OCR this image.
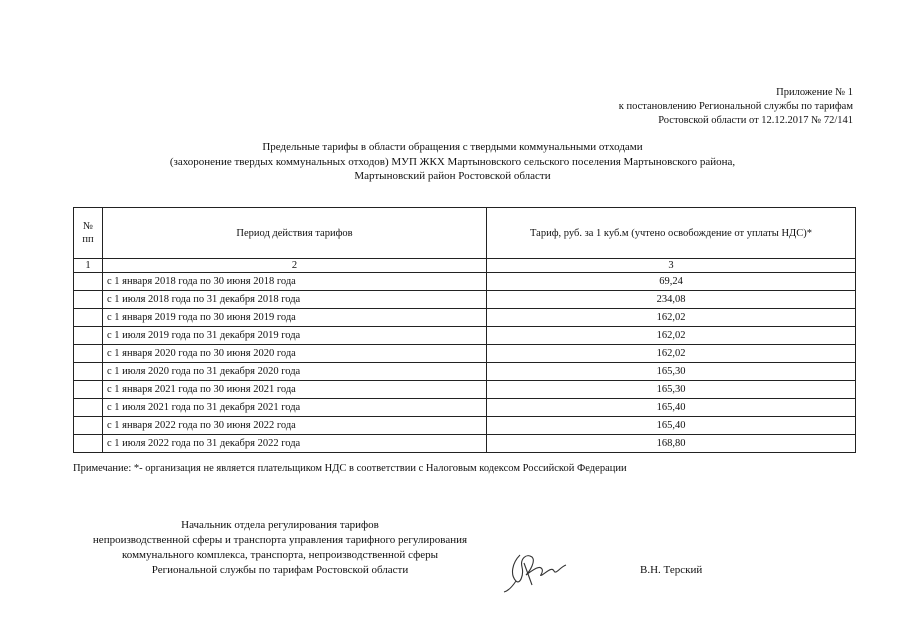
Приложение № 1
к постановлению Региональной службы по тарифам
Ростовской области от 12.12.2017 № 72/141
Предельные тарифы в области обращения с твердыми коммунальными отходами
(захоронение твердых коммунальных отходов) МУП ЖКХ Мартыновского сельского поселения Мартыновского района,
Мартыновский район Ростовской области
№ пп	Период действия тарифов	Тариф, руб. за 1 куб.м (учтено освобождение от уплаты НДС)*
1	2	3
	с 1 января 2018 года по 30 июня 2018 года	69,24
	с 1 июля 2018 года по 31 декабря 2018 года	234,08
	с 1 января 2019 года по 30 июня 2019 года	162,02
	с 1 июля 2019 года по 31 декабря 2019 года	162,02
	с 1 января 2020 года по 30 июня 2020 года	162,02
	с 1 июля 2020 года по 31 декабря 2020 года	165,30
	с 1 января 2021 года по 30 июня 2021 года	165,30
	с 1 июля 2021 года по 31 декабря 2021 года	165,40
	с 1 января 2022 года по 30 июня 2022 года	165,40
	с 1 июля 2022 года по 31 декабря 2022 года	168,80
Примечание: *- организация не является плательщиком НДС в соответствии с Налоговым кодексом Российской Федерации
Начальник отдела регулирования тарифов
непроизводственной сферы и транспорта управления тарифного регулирования
коммунального комплекса, транспорта, непроизводственной сферы
Региональной службы по тарифам Ростовской области	В.Н. Терский
